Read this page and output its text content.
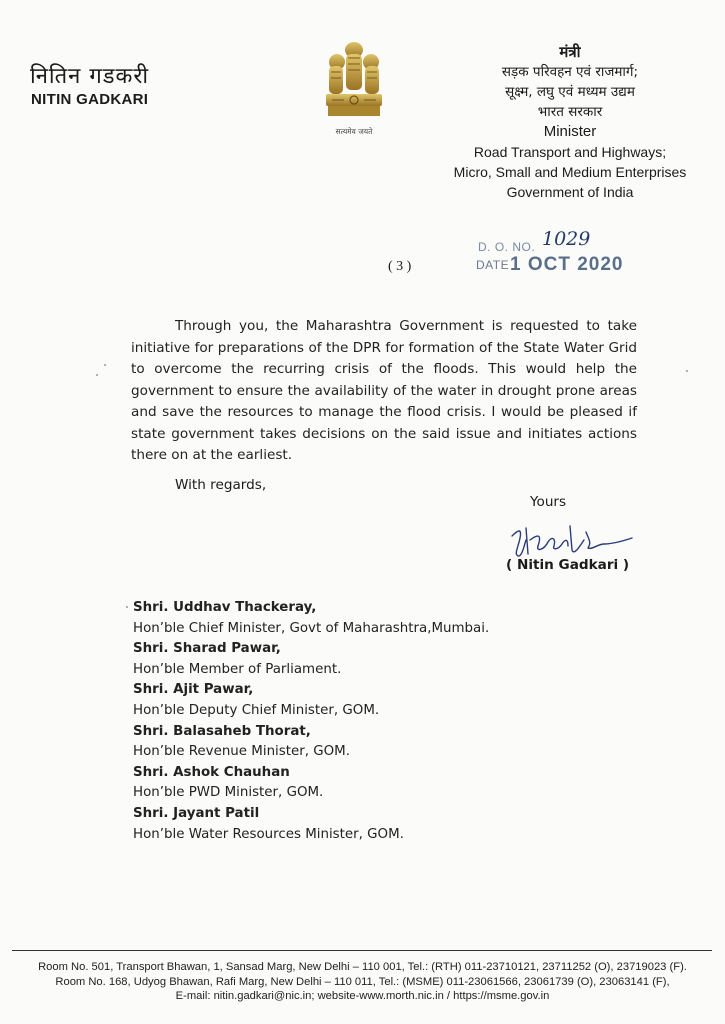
नितिन गडकरी
NITIN GADKARI
सत्यमेव जयते
मंत्री
सड़क परिवहन एवं राजमार्ग;
सूक्ष्म, लघु एवं मध्यम उद्यम
भारत सरकार
Minister
Road Transport and Highways;
Micro, Small and Medium Enterprises
Government of India
( 3 )
D. O. NO. 1029
DATE 1 OCT 2020
Through you, the Maharashtra Government is requested to take initiative for preparations of the DPR for formation of the State Water Grid to overcome the recurring crisis of the floods. This would help the government to ensure the availability of the water in drought prone areas and save the resources to manage the flood crisis. I would be pleased if state government takes decisions on the said issue and initiates actions there on at the earliest.
With regards,
Yours
( Nitin Gadkari )
Shri. Uddhav Thackeray,
Hon’ble Chief Minister, Govt of Maharashtra,Mumbai.
Shri. Sharad Pawar,
Hon’ble Member of Parliament.
Shri. Ajit Pawar,
Hon’ble Deputy Chief Minister, GOM.
Shri. Balasaheb Thorat,
Hon’ble Revenue Minister, GOM.
Shri. Ashok Chauhan
Hon’ble PWD Minister, GOM.
Shri. Jayant Patil
Hon’ble Water Resources Minister, GOM.
Room No. 501, Transport Bhawan, 1, Sansad Marg, New Delhi – 110 001, Tel.: (RTH) 011-23710121, 23711252 (O), 23719023 (F).
Room No. 168, Udyog Bhawan, Rafi Marg, New Delhi – 110 011, Tel.: (MSME) 011-23061566, 23061739 (O), 23063141 (F),
E-mail: nitin.gadkari@nic.in; website-www.morth.nic.in / https://msme.gov.in
